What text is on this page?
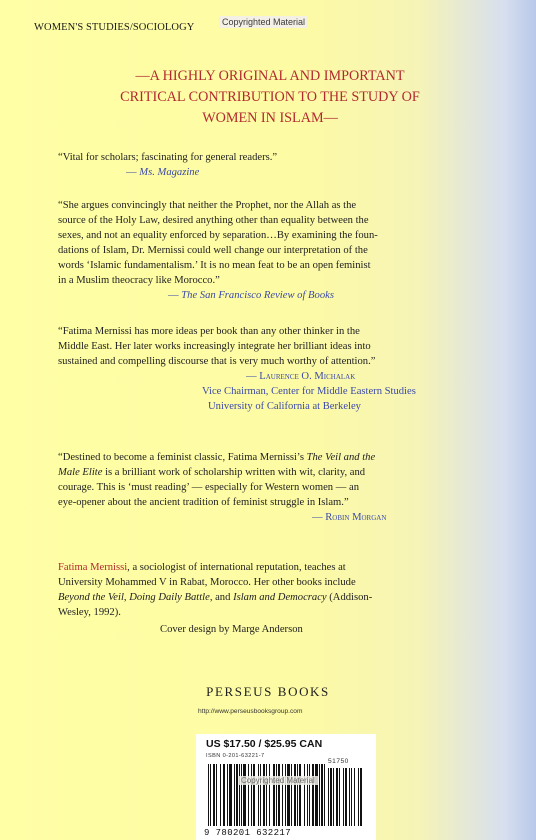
WOMEN'S STUDIES/SOCIOLOGY	Copyrighted Material
—A HIGHLY ORIGINAL AND IMPORTANT
CRITICAL CONTRIBUTION TO THE STUDY OF
WOMEN IN ISLAM—
“Vital for scholars; fascinating for general readers.”
— Ms. Magazine
“She argues convincingly that neither the Prophet, nor the Allah as the
source of the Holy Law, desired anything other than equality between the
sexes, and not an equality enforced by separation…By examining the foun-
dations of Islam, Dr. Mernissi could well change our interpretation of the
words ‘Islamic fundamentalism.’ It is no mean feat to be an open feminist
in a Muslim theocracy like Morocco.”
— The San Francisco Review of Books
“Fatima Mernissi has more ideas per book than any other thinker in the
Middle East. Her later works increasingly integrate her brilliant ideas into
sustained and compelling discourse that is very much worthy of attention.”
— Laurence O. Michalak
Vice Chairman, Center for Middle Eastern Studies
University of California at Berkeley
“Destined to become a feminist classic, Fatima Mernissi’s The Veil and the
Male Elite is a brilliant work of scholarship written with wit, clarity, and
courage. This is ‘must reading’ — especially for Western women — an
eye-opener about the ancient tradition of feminist struggle in Islam.”
— Robin Morgan
Fatima Mernissi, a sociologist of international reputation, teaches at
University Mohammed V in Rabat, Morocco. Her other books include
Beyond the Veil, Doing Daily Battle, and Islam and Democracy (Addison-
Wesley, 1992).
Cover design by Marge Anderson
PERSEUS BOOKS
http://www.perseusbooksgroup.com
US $17.50 / $25.95 CAN
ISBN 0-201-63221-7
51750
9 780201 632217
Copyrighted Material
